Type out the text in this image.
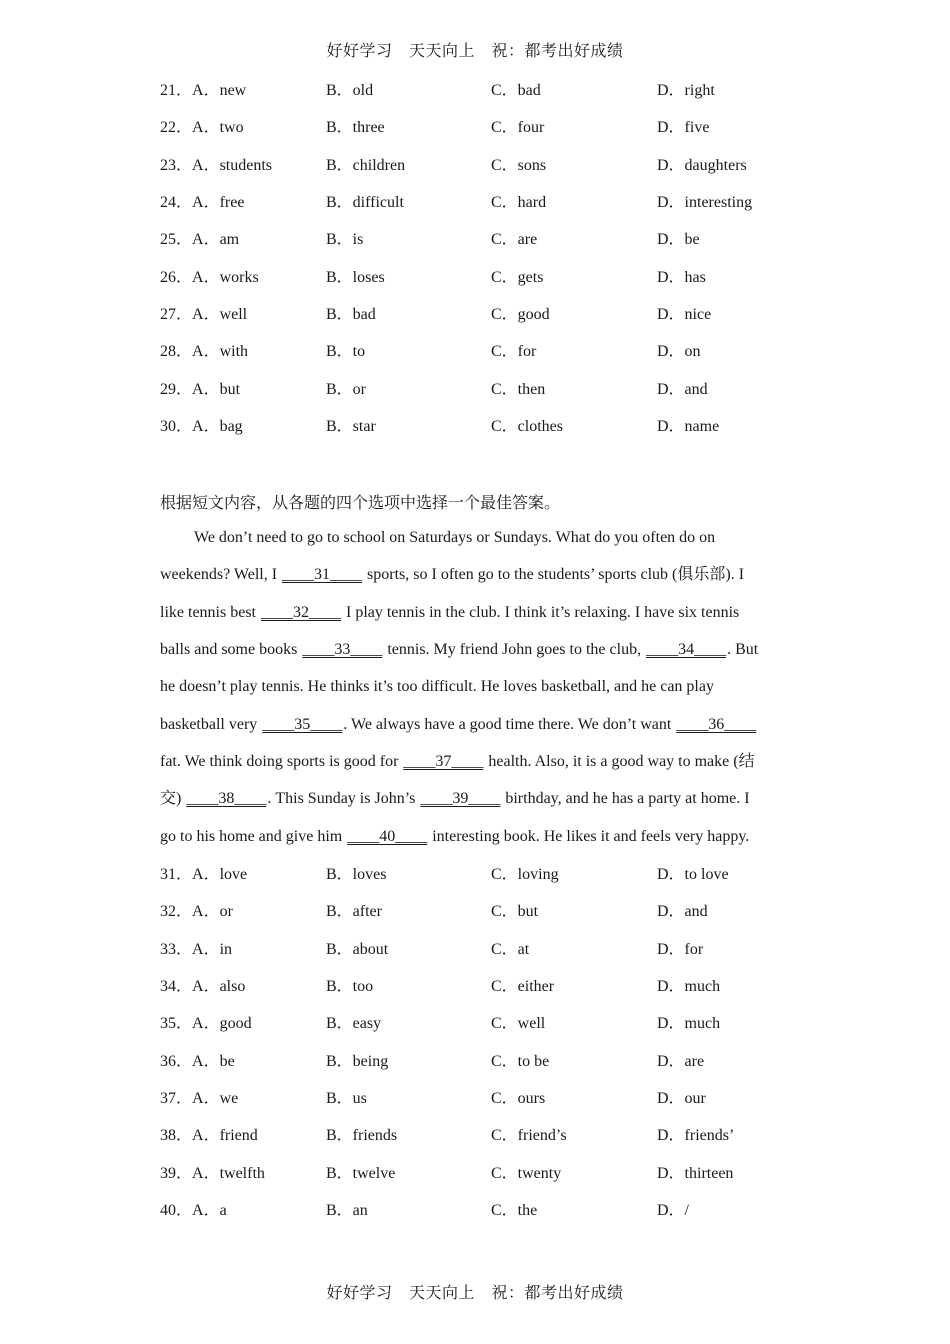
好好学习　天天向上　祝：都考出好成绩
21．A．new	B．old	C．bad	D．right
22．A．two	B．three	C．four	D．five
23．A．students	B．children	C．sons	D．daughters
24．A．free	B．difficult	C．hard	D．interesting
25．A．am	B．is	C．are	D．be
26．A．works	B．loses	C．gets	D．has
27．A．well	B．bad	C．good	D．nice
28．A．with	B．to	C．for	D．on
29．A．but	B．or	C．then	D．and
30．A．bag	B．star	C．clothes	D．name
根据短文内容，从各题的四个选项中选择一个最佳答案。
We don’t need to go to school on Saturdays or Sundays. What do you often do on
weekends? Well, I ____31____ sports, so I often go to the students’ sports club (俱乐部). I
like tennis best ____32____ I play tennis in the club. I think it’s relaxing. I have six tennis
balls and some books ____33____ tennis. My friend John goes to the club, ____34____. But
he doesn’t play tennis. He thinks it’s too difficult. He loves basketball, and he can play
basketball very ____35____. We always have a good time there. We don’t want ____36____
fat. We think doing sports is good for ____37____ health. Also, it is a good way to make (结
交) ____38____. This Sunday is John’s ____39____ birthday, and he has a party at home. I
go to his home and give him ____40____ interesting book. He likes it and feels very happy.
31．A．love	B．loves	C．loving	D．to love
32．A．or	B．after	C．but	D．and
33．A．in	B．about	C．at	D．for
34．A．also	B．too	C．either	D．much
35．A．good	B．easy	C．well	D．much
36．A．be	B．being	C．to be	D．are
37．A．we	B．us	C．ours	D．our
38．A．friend	B．friends	C．friend’s	D．friends’
39．A．twelfth	B．twelve	C．twenty	D．thirteen
40．A．a	B．an	C．the	D．/
好好学习　天天向上　祝：都考出好成绩
